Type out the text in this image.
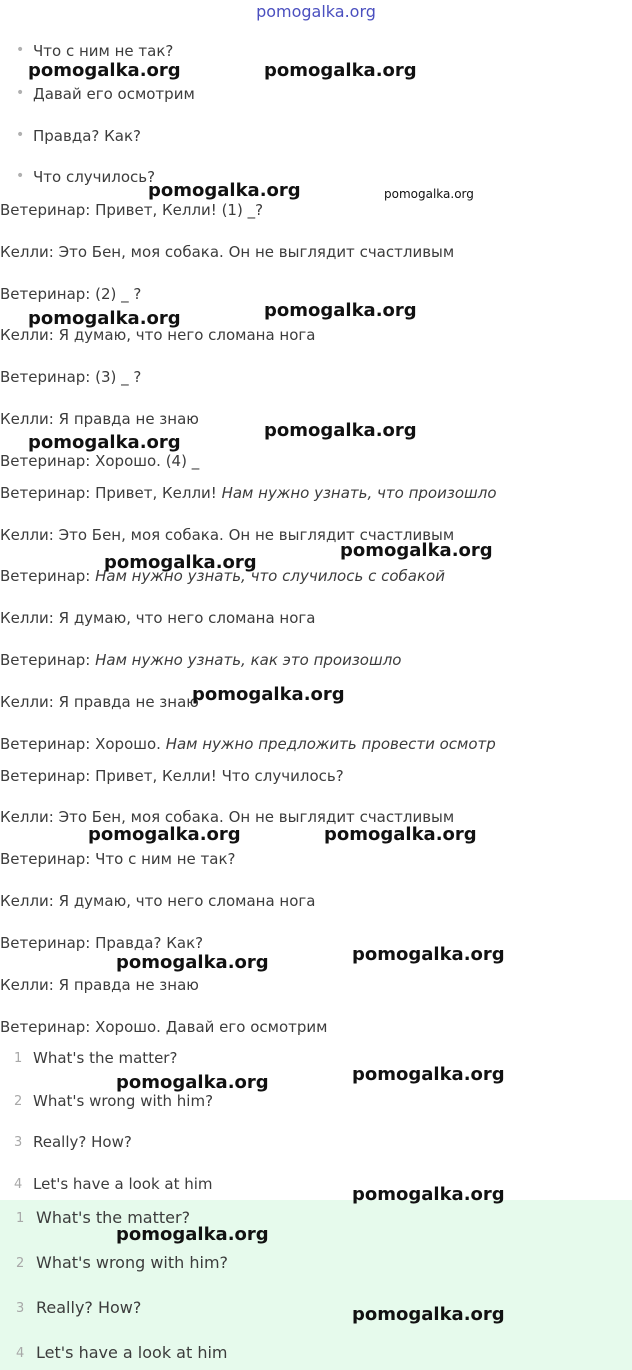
pomogalka.org
• Что с ним не так?
• Давай его осмотрим
• Правда? Как?
• Что случилось?
Ветеринар: Привет, Келли! (1) _?
Келли: Это Бен, моя собака. Он не выглядит счастливым
Ветеринар: (2) _ ?
Келли: Я думаю, что него сломана нога
Ветеринар: (3) _ ?
Келли: Я правда не знаю
Ветеринар: Хорошо. (4) _
Ветеринар: Привет, Келли! Нам нужно узнать, что произошло
Келли: Это Бен, моя собака. Он не выглядит счастливым
Ветеринар: Нам нужно узнать, что случилось с собакой
Келли: Я думаю, что него сломана нога
Ветеринар: Нам нужно узнать, как это произошло
Келли: Я правда не знаю
Ветеринар: Хорошо. Нам нужно предложить провести осмотр
Ветеринар: Привет, Келли! Что случилось?
Келли: Это Бен, моя собака. Он не выглядит счастливым
Ветеринар: Что с ним не так?
Келли: Я думаю, что него сломана нога
Ветеринар: Правда? Как?
Келли: Я правда не знаю
Ветеринар: Хорошо. Давай его осмотрим
1 What's the matter?
2 What's wrong with him?
3 Really? How?
4 Let's have a look at him
1 What's the matter?
2 What's wrong with him?
3 Really? How?
4 Let's have a look at him
pomogalka.org	pomogalka.org
pomogalka.org	pomogalka.org
pomogalka.org	pomogalka.org
pomogalka.org
pomogalka.org
pomogalka.org
pomogalka.org
pomogalka.org
pomogalka.org	pomogalka.org
pomogalka.org	pomogalka.org
pomogalka.org	pomogalka.org
pomogalka.org
pomogalka.org
pomogalka.org
